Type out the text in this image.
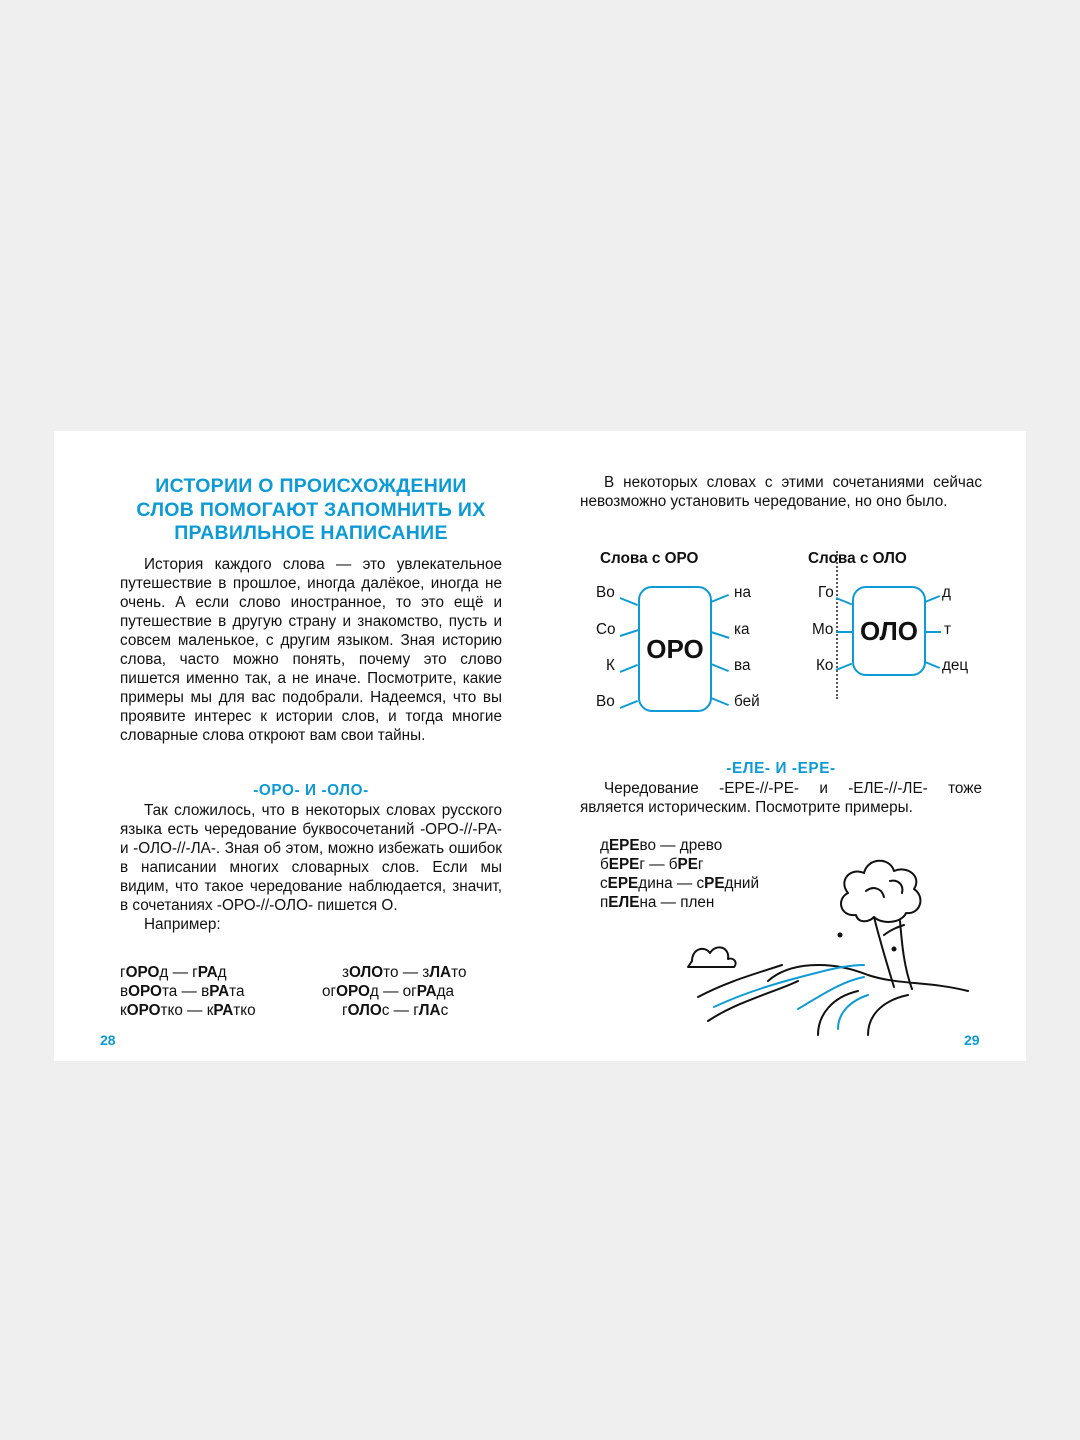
ИСТОРИИ О ПРОИСХОЖДЕНИИ
СЛОВ ПОМОГАЮТ ЗАПОМНИТЬ ИХ
ПРАВИЛЬНОЕ НАПИСАНИЕ

История каждого слова — это увлекательное путешествие в прошлое, иногда далёкое, иногда не очень. А если слово иностранное, то это ещё и путешествие в другую страну и знакомство, пусть и совсем маленькое, с другим языком. Зная историю слова, часто можно понять, почему это слово пишется именно так, а не иначе. Посмотрите, какие примеры мы для вас подобрали. Надеемся, что вы проявите интерес к истории слов, и тогда многие словарные слова откроют вам свои тайны.

-ОРО- И -ОЛО-

Так сложилось, что в некоторых словах русского языка есть чередование буквосочетаний -ОРО-//-РА- и -ОЛО-//-ЛА-. Зная об этом, можно избежать ошибок в написании многих словарных слов. Если мы видим, что такое чередование наблюдается, значит, в сочетаниях -ОРО-//-ОЛО- пишется О.

Например:

гОРОд — гРАд
вОРОта — вРАта
кОРОтко — кРАтко
зОЛОто — зЛАто
огОРОд — огРАда
гОЛОс — гЛАс
28

В некоторых словах с этими сочетаниями сейчас невозможно установить чередование, но оно было.

Слова с ОРО
ОРО
Во
Со
К
Во
на
ка
ва
бей
Слова с ОЛО
ОЛО
Го
Мо
Ко
д
т
дец
-ЕЛЕ- И -ЕРЕ-

Чередование -ЕРЕ-//-РЕ- и -ЕЛЕ-//-ЛЕ- тоже является историческим. Посмотрите примеры.

дЕРЕво — древо
бЕРЕг — бРЕг
сЕРЕдина — сРЕдний
пЕЛЕна — плен
29
